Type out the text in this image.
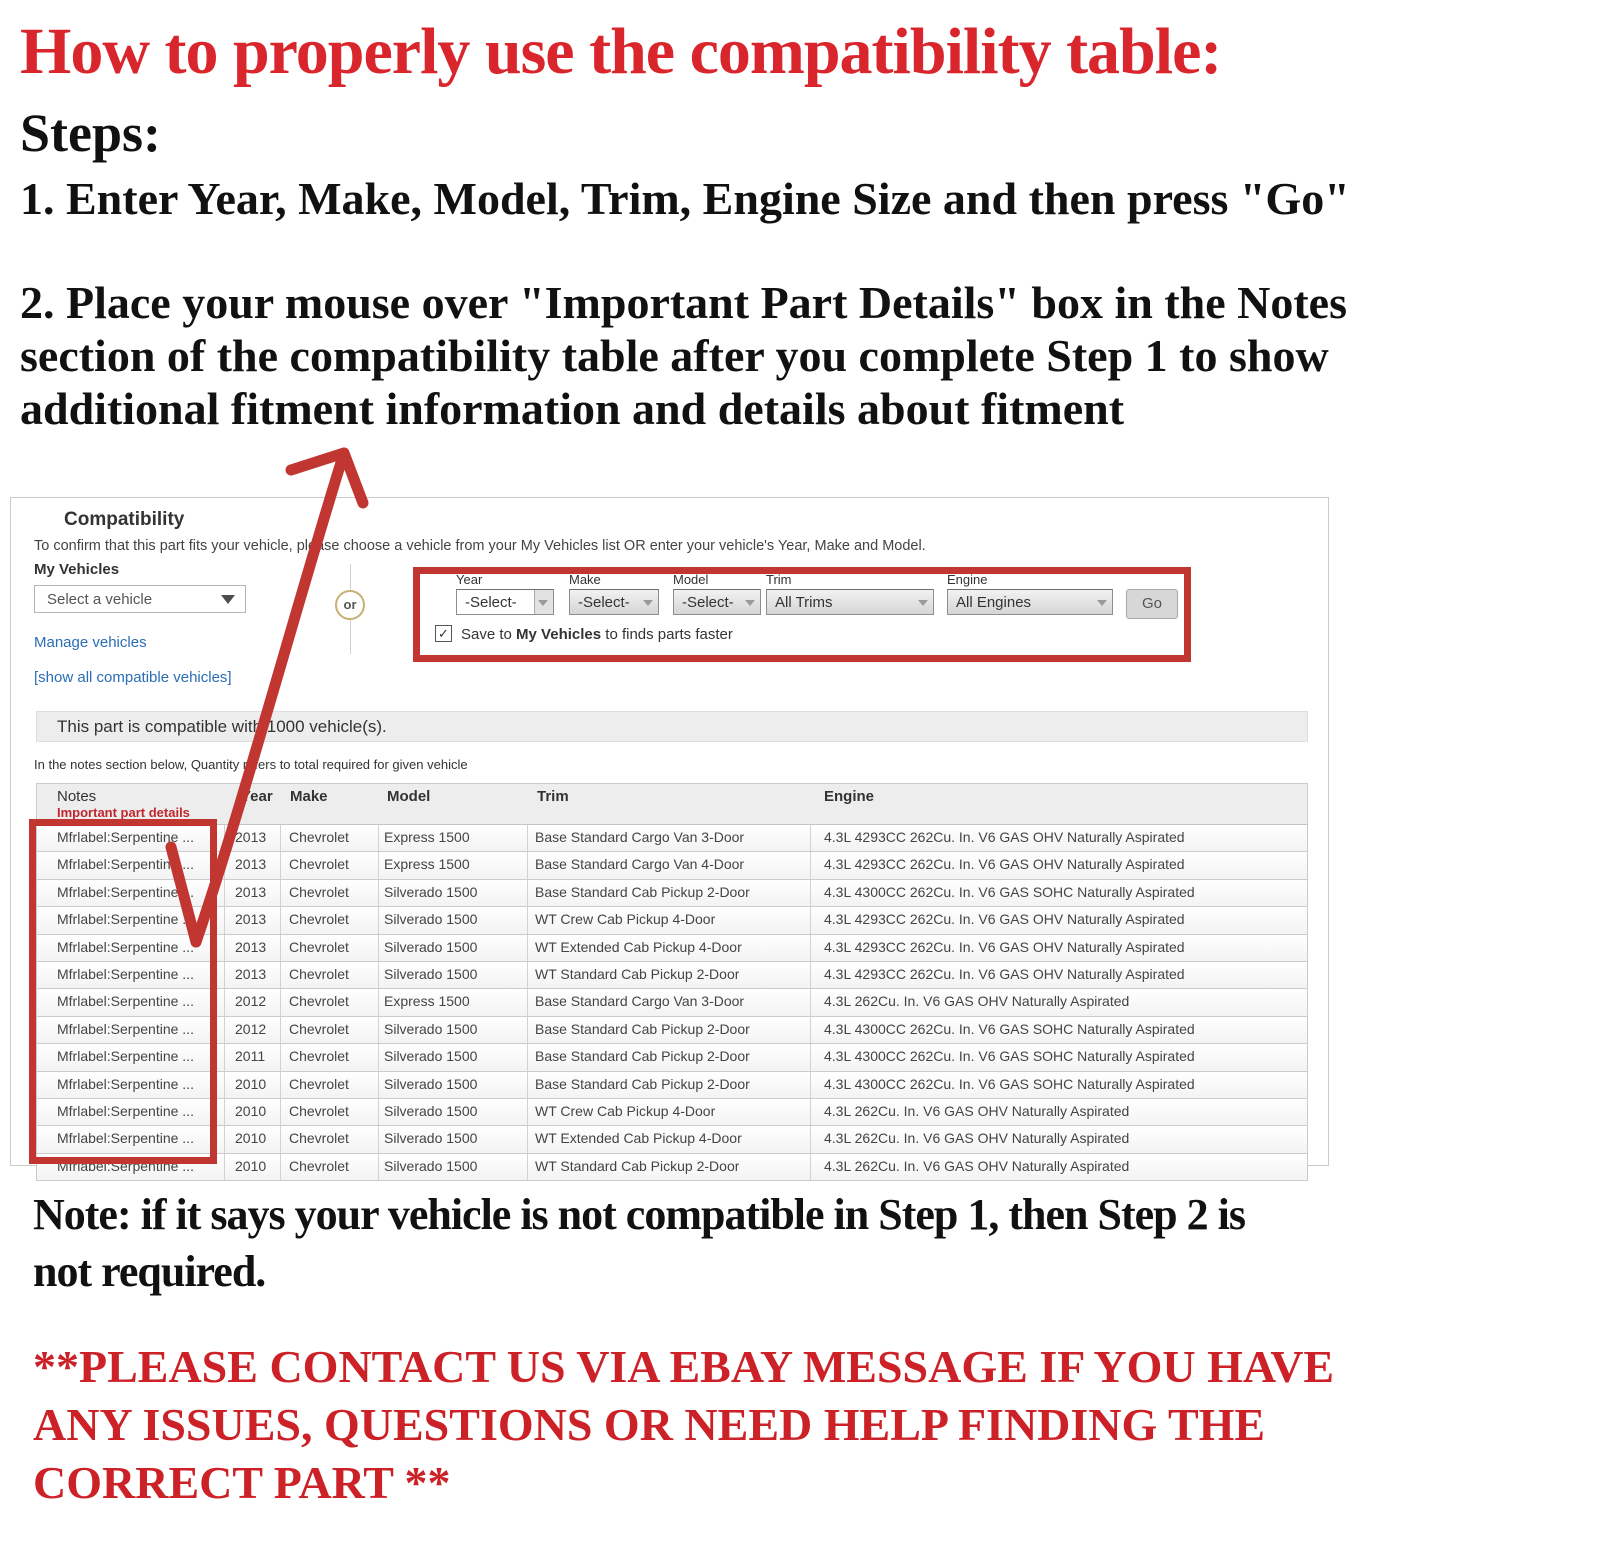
How to properly use the compatibility table:
Steps:
1. Enter Year, Make, Model, Trim, Engine Size and then press "Go"
2. Place your mouse over "Important Part Details" box in the Notes
section of the compatibility table after you complete Step 1 to show
additional fitment information and details about fitment
Compatibility
To confirm that this part fits your vehicle, please choose a vehicle from your My Vehicles list OR enter your vehicle's Year, Make and Model.
My Vehicles
Select a vehicle
Manage vehicles
[show all compatible vehicles]
or
Year
-Select-
Make
-Select-
Model
-Select-
Trim
All Trims
Engine
All Engines	Go
✓ Save to My Vehicles to finds parts faster
This part is compatible with 1000 vehicle(s).
In the notes section below, Quantity refers to total required for given vehicle
Notes
Important part details
Year Make	Model	Trim	Engine
Mfrlabel:Serpentine ...	2013 Chevrolet	Express 1500	Base Standard Cargo Van 3-Door	4.3L 4293CC 262Cu. In. V6 GAS OHV Naturally Aspirated
Mfrlabel:Serpentine ...	2013 Chevrolet	Express 1500	Base Standard Cargo Van 4-Door	4.3L 4293CC 262Cu. In. V6 GAS OHV Naturally Aspirated
Mfrlabel:Serpentine ...	2013 Chevrolet	Silverado 1500	Base Standard Cab Pickup 2-Door	4.3L 4300CC 262Cu. In. V6 GAS SOHC Naturally Aspirated
Mfrlabel:Serpentine ...	2013 Chevrolet	Silverado 1500	WT Crew Cab Pickup 4-Door	4.3L 4293CC 262Cu. In. V6 GAS OHV Naturally Aspirated
Mfrlabel:Serpentine ...	2013 Chevrolet	Silverado 1500	WT Extended Cab Pickup 4-Door	4.3L 4293CC 262Cu. In. V6 GAS OHV Naturally Aspirated
Mfrlabel:Serpentine ...	2013 Chevrolet	Silverado 1500	WT Standard Cab Pickup 2-Door	4.3L 4293CC 262Cu. In. V6 GAS OHV Naturally Aspirated
Mfrlabel:Serpentine ...	2012 Chevrolet	Express 1500	Base Standard Cargo Van 3-Door	4.3L 262Cu. In. V6 GAS OHV Naturally Aspirated
Mfrlabel:Serpentine ...	2012 Chevrolet	Silverado 1500	Base Standard Cab Pickup 2-Door	4.3L 4300CC 262Cu. In. V6 GAS SOHC Naturally Aspirated
Mfrlabel:Serpentine ...	2011 Chevrolet	Silverado 1500	Base Standard Cab Pickup 2-Door	4.3L 4300CC 262Cu. In. V6 GAS SOHC Naturally Aspirated
Mfrlabel:Serpentine ...	2010 Chevrolet	Silverado 1500	Base Standard Cab Pickup 2-Door	4.3L 4300CC 262Cu. In. V6 GAS SOHC Naturally Aspirated
Mfrlabel:Serpentine ...	2010 Chevrolet	Silverado 1500	WT Crew Cab Pickup 4-Door	4.3L 262Cu. In. V6 GAS OHV Naturally Aspirated
Mfrlabel:Serpentine ...	2010 Chevrolet	Silverado 1500	WT Extended Cab Pickup 4-Door	4.3L 262Cu. In. V6 GAS OHV Naturally Aspirated
Mfrlabel:Serpentine ...	2010 Chevrolet	Silverado 1500	WT Standard Cab Pickup 2-Door	4.3L 262Cu. In. V6 GAS OHV Naturally Aspirated
Note: if it says your vehicle is not compatible in Step 1, then Step 2 is
not required.
**PLEASE CONTACT US VIA EBAY MESSAGE IF YOU HAVE
ANY ISSUES, QUESTIONS OR NEED HELP FINDING THE
CORRECT PART **
